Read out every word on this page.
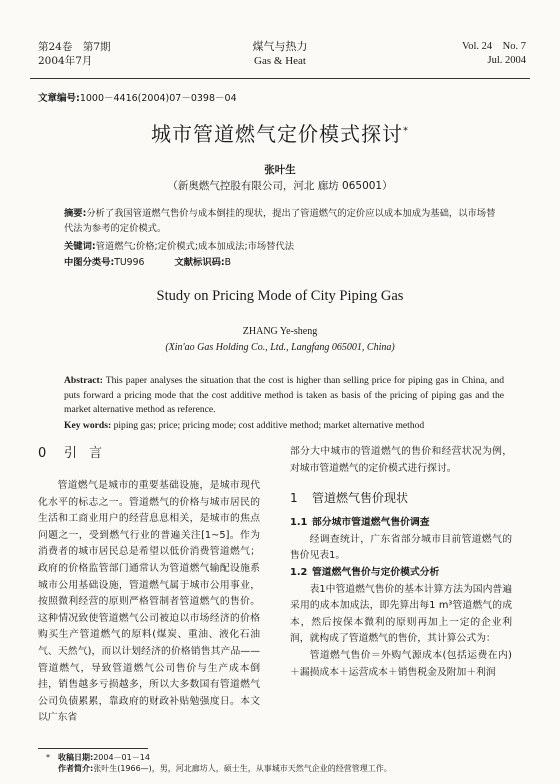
第24卷　第7期
2004年7月
煤气与热力
Gas & Heat
Vol. 24　No. 7
Jul. 2004
文章编号:1000－4416(2004)07－0398－04
城市管道燃气定价模式探讨*
张叶生
（新奥燃气控股有限公司，河北 廊坊 065001）
摘要:分析了我国管道燃气售价与成本倒挂的现状，提出了管道燃气的定价应以成本加成为基础，以市场替代法为参考的定价模式。
关键词:管道燃气;价格;定价模式;成本加成法;市场替代法
中图分类号:TU996	文献标识码:B
Study on Pricing Mode of City Piping Gas
ZHANG Ye-sheng
(Xin'ao Gas Holding Co., Ltd., Langfang 065001, China)
Abstract: This paper analyses the situation that the cost is higher than selling price for piping gas in China, and puts forward a pricing mode that the cost additive method is taken as basis of the pricing of piping gas and the market alternative method as reference.
Key words: piping gas; price; pricing mode; cost additive method; market alternative method
0 引言

管道燃气是城市的重要基础设施，是城市现代化水平的标志之一。管道燃气的价格与城市居民的生活和工商业用户的经营息息相关，是城市的焦点问题之一，受到燃气行业的普遍关注[1~5]。作为消费者的城市居民总是希望以低价消费管道燃气；政府的价格监管部门通常认为管道燃气输配设施系城市公用基础设施，管道燃气属于城市公用事业，按照微利经营的原则严格管制者管道燃气的售价。这种情况致使管道燃气公司被迫以市场经济的价格购买生产管道燃气的原料(煤炭、重油、液化石油气、天然气)，而以计划经济的价格销售其产品——管道燃气，导致管道燃气公司售价与生产成本倒挂，销售越多亏损越多，所以大多数国有管道燃气公司负债累累，靠政府的财政补贴勉强度日。本文以广东省

部分大中城市的管道燃气的售价和经营状况为例，对城市管道燃气的定价模式进行探讨。

1 管道燃气售价现状
1.1 部分城市管道燃气售价调查

经调查统计，广东省部分城市目前管道燃气的售价见表1。

1.2 管道燃气售价与定价模式分析

表1中管道燃气售价的基本计算方法为国内普遍采用的成本加成法，即先算出每1 m³管道燃气的成本，然后按保本微利的原则再加上一定的企业利润，就构成了管道燃气的售价，其计算公式为：

管道燃气售价＝外购气源成本(包括运费在内)＋漏损成本＋运营成本＋销售税金及附加＋利润

* 收稿日期:2004－01－14
作者简介:张叶生(1966—)，男，河北廊坊人，硕士生，从事城市天然气企业的经营管理工作。
